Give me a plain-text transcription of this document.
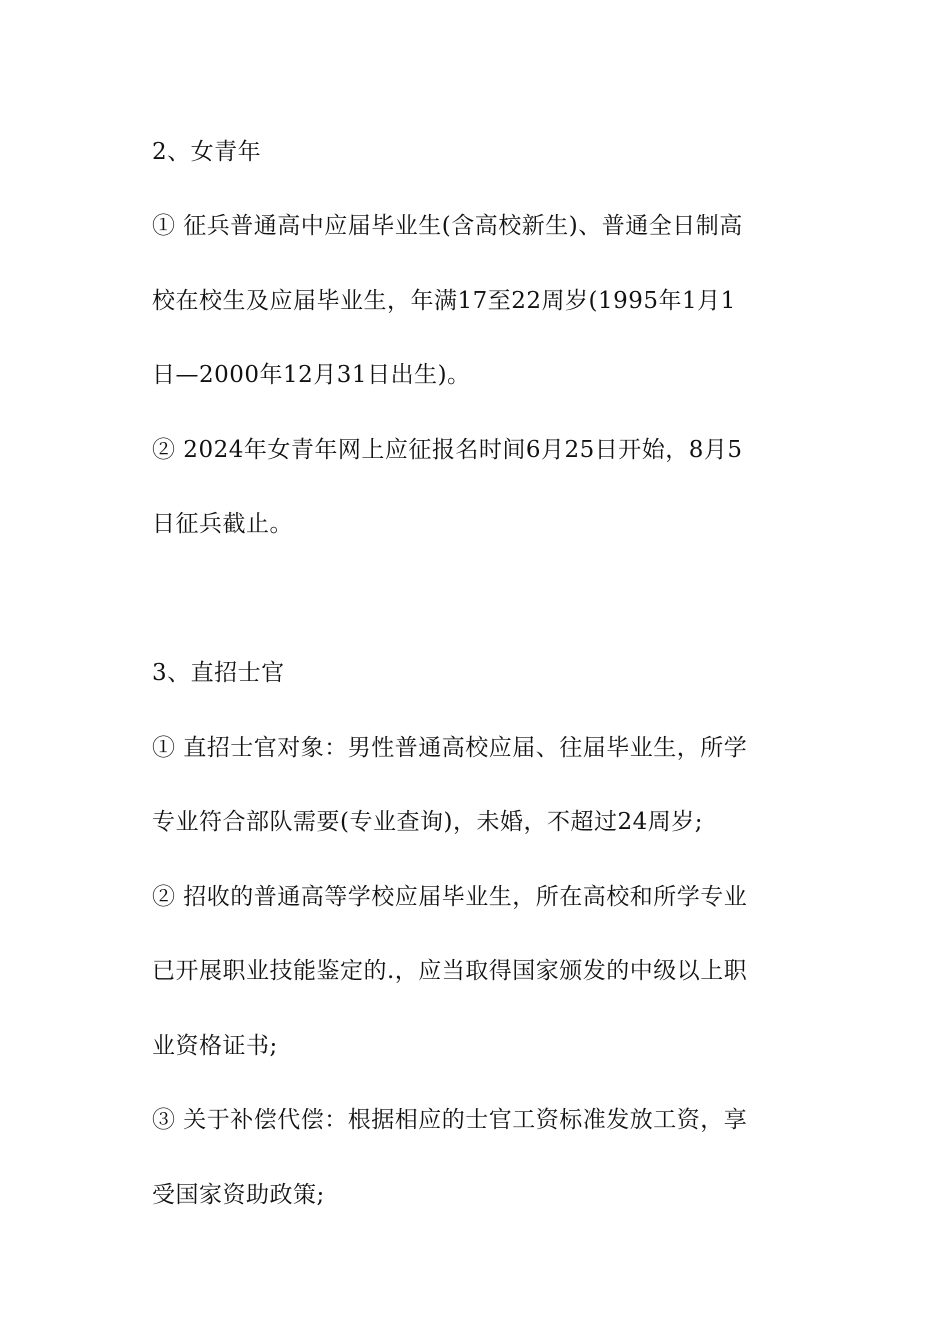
2、女青年
① 征兵普通高中应届毕业生(含高校新生)、普通全日制高
校在校生及应届毕业生，年满17至22周岁(1995年1月1
日—2000年12月31日出生)。
② 2024年女青年网上应征报名时间6月25日开始，8月5
日征兵截止。
3、直招士官
① 直招士官对象：男性普通高校应届、往届毕业生，所学
专业符合部队需要(专业查询)，未婚，不超过24周岁;
② 招收的普通高等学校应届毕业生，所在高校和所学专业
已开展职业技能鉴定的.，应当取得国家颁发的中级以上职
业资格证书;
③ 关于补偿代偿：根据相应的士官工资标准发放工资，享
受国家资助政策;
